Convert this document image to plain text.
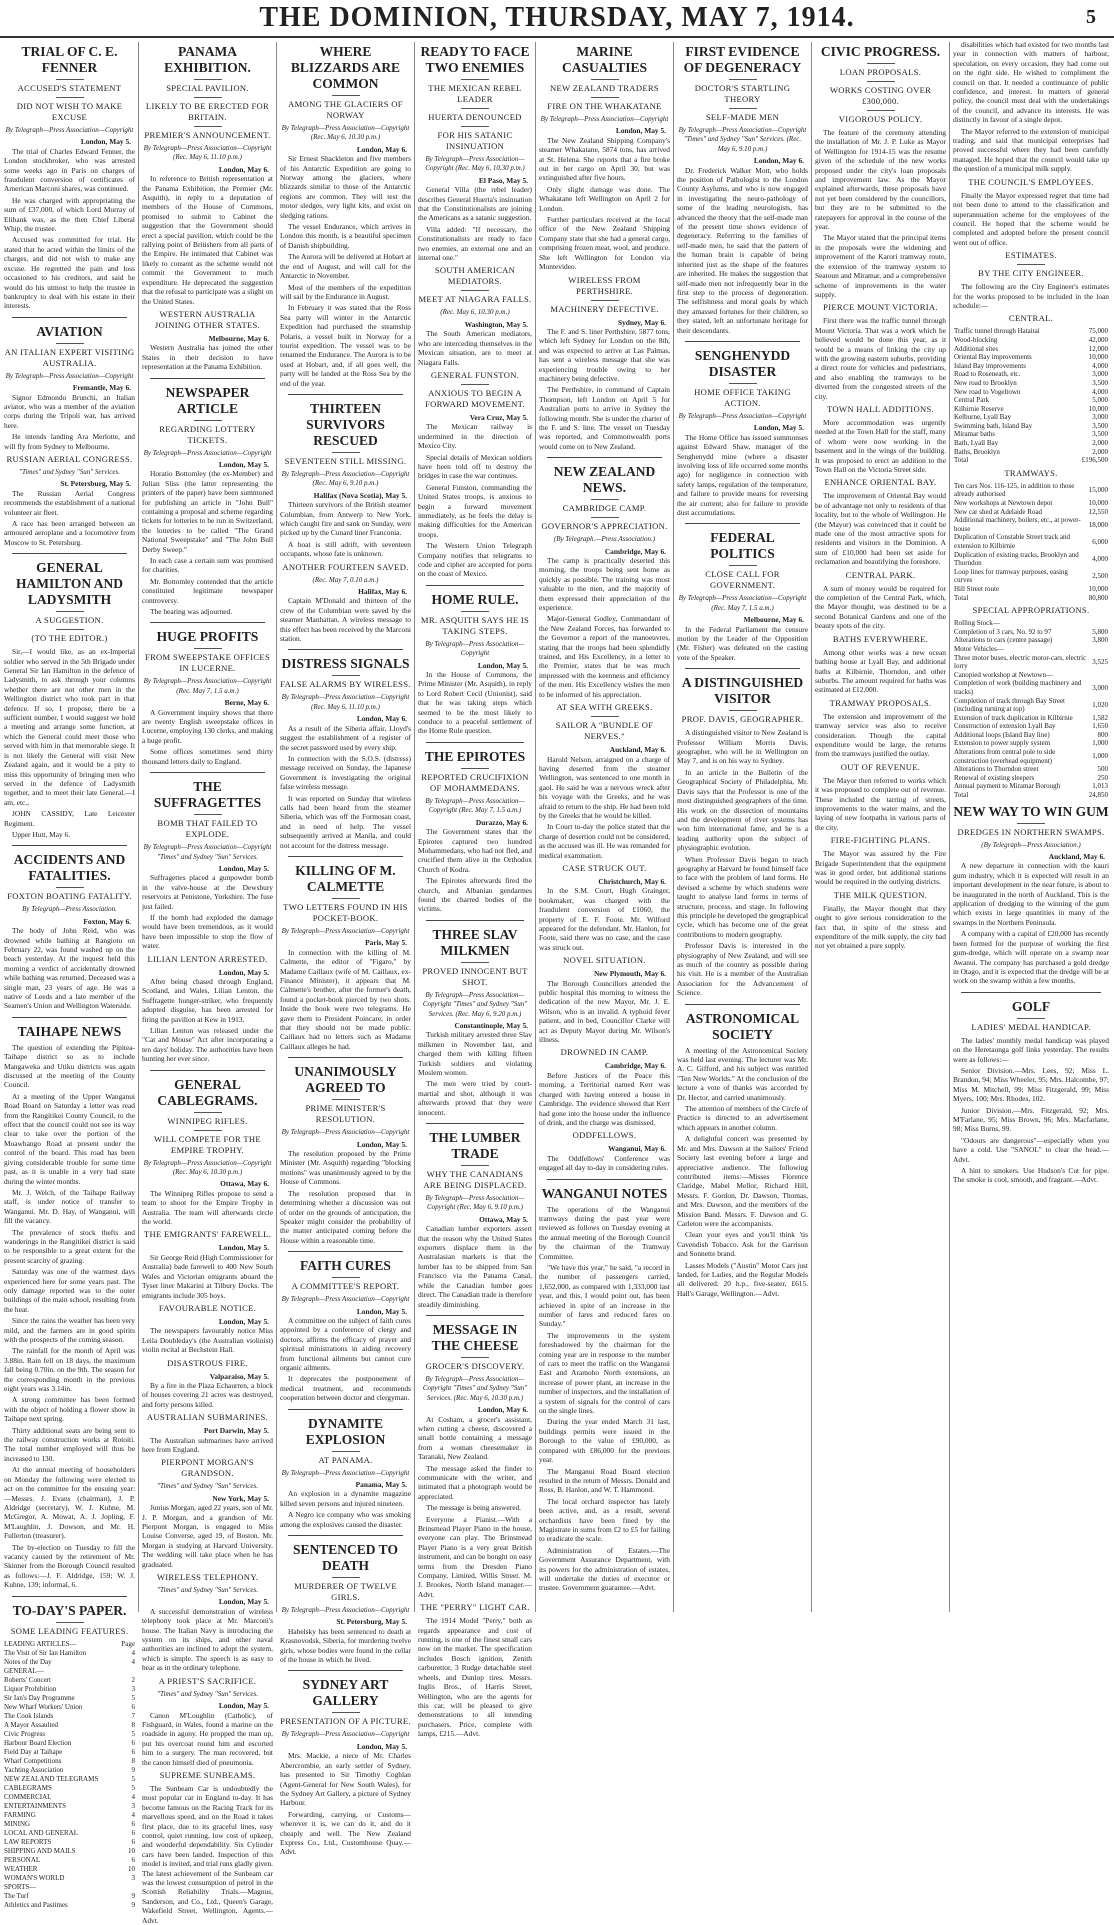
THE DOMINION, THURSDAY, MAY 7, 1914.	5
TRIAL OF C. E. FENNER
ACCUSED'S STATEMENT
DID NOT WISH TO MAKE EXCUSE
By Telegraph—Press Association—Copyright
London, May 5.

The trial of Charles Edward Fenner, the London stockbroker, who was arrested some weeks ago in Paris on charges of fraudulent conversion of certificates of American Marconi shares, was continued.

He was charged with appropriating the sum of £37,000, of which Lord Murray of Elibank was, as the then Chief Liberal Whip, the trustee.

Accused was committed for trial. He stated that he acted within the limits of the charges, and did not wish to make any excuse. He regretted the pain and loss occasioned to his creditors, and said he would do his utmost to help the trustee in bankruptcy to deal with his estate in their interests.

AVIATION
AN ITALIAN EXPERT VISITING AUSTRALIA.
By Telegraph—Press Association—Copyright
Fremantle, May 6.

Signor Edmondo Brunchi, an Italian aviator, who was a member of the aviation corps during the Tripoli war, has arrived here.

He intends landing Ara Merlotte, and will fly from Sydney to Melbourne.

RUSSIAN AERIAL CONGRESS.
"Times" and Sydney "Sun" Services.
St. Petersburg, May 5.

The Russian Aerial Congress recommends the establishment of a national volunteer air fleet.

A race has been arranged between an armoured aeroplane and a locomotive from Moscow to St. Petersburg.

GENERAL HAMILTON AND LADYSMITH
A SUGGESTION.
(TO THE EDITOR.)

Sir,—I would like, as an ex-Imperial soldier who served in the 5th Brigade under General Sir Ian Hamilton in the defence of Ladysmith, to ask through your columns whether there are not other men in the Wellington district who took part in that defence. If so, I propose, there be a sufficient number, I would suggest we hold a meeting and arrange some function, at which the General could meet those who served with him in that memorable siege. It is not likely the General will visit New Zealand again, and it would be a pity to miss this opportunity of bringing men who served in the defence of Ladysmith together, and to meet their late General.—I am, etc.,

JOHN CASSIDY, Late Leicester Regiment.

Upper Hutt, May 6.

ACCIDENTS AND FATALITIES.
FOXTON BOATING FATALITY.
By Telegraph—Press Association.
Foxton, May 6.

The body of John Reid, who was drowned while bathing at Rangiotu on February 22, was found washed up on the beach yesterday. At the inquest held this morning a verdict of accidentally drowned while bathing was returned. Deceased was a single man, 23 years of age. He was a native of Leeds and a late member of the Seamen's Union and Wellington Waterside.

TAIHAPE NEWS

The question of extending the Pipitea-Taihape district so as to include Mangaweka and Utiku districts was again discussed at the meeting of the County Council.

At a meeting of the Upper Wanganui Road Board on Saturday a letter was read from the Rangitikei County Council, to the effect that the council could not see its way clear to take over the portion of the Moawhango Road at present under the control of the board. This road has been giving considerable trouble for some time past, as it is unable in a very bad state during the winter months.

Mr. J. Welch, of the Taihape Railway staff, is under notice of transfer to Wanganui. Mr. D. Hay, of Wanganui, will fill the vacancy.

The prevalence of stock thefts and wanderings in the Rangitikei district is said to be responsible to a great extent for the present scarcity of grazing.

Saturday was one of the warmest days experienced here for some years past. The only damage reported was to the outer buildings of the main school, resulting from the heat.

Since the rains the weather has been very mild, and the farmers are in good spirits with the prospects of the coming season.

The rainfall for the month of April was 3.88in. Rain fell on 18 days, the maximum fall being 0.70in. on the 9th. The season for the corresponding month in the previous eight years was 3.14in.

A strong committee has been formed with the object of holding a flower show in Taihape next spring.

Thirty additional seats are being sent to the railway construction works at Rotoiti. The total number employed will thus be increased to 130.

At the annual meeting of householders on Monday the following were elected to act on the committee for the ensuing year:—Messrs. J. Evans (chairman), J. P. Aldridge (secretary), W. J. Kuhne, M. McGregor, A. Mowat, A. J. Jopling, F. M'Laughlin, J. Dowson, and Mr. H. Fullerton (treasurer).

The by-election on Tuesday to fill the vacancy caused by the retirement of Mr. Skinner from the Borough Council resulted as follows:—J. F. Aldridge, 159; W. J. Kuhne, 139; informal, 6.

TO-DAY'S PAPER.
SOME LEADING FEATURES.
LEADING ARTICLES—	Page
The Visit of Sir Ian Hamilton	4
Notes of the Day	4
GENERAL—
Roberts' Concert	2
Liquor Prohibition	3
Sir Ian's Day Programme	5
New Wharf Workers' Union	6
The Cook Islands	7
A Mayor Assaulted	8
Civic Progress	5
Harbour Board Election	6
Field Day at Taihape	6
Wharf Competitions	8
Yachting Association	9
NEW ZEALAND TELEGRAMS	5
CABLEGRAMS	5
COMMERCIAL	4
ENTERTAINMENTS	3
FARMING	4
MINING	6
LOCAL AND GENERAL	6
LAW REPORTS	6
SHIPPING AND MAILS	10
PERSONAL	6
WEATHER	10
WOMAN'S WORLD	3
SPORTS—
The Turf	9
Athletics and Pastimes	9
PANAMA EXHIBITION.
SPECIAL PAVILION.
LIKELY TO BE ERECTED FOR BRITAIN.
PREMIER'S ANNOUNCEMENT.
By Telegraph—Press Association—Copyright (Rec. May 6, 11.10 p.m.)
London, May 6.

In reference to British representation at the Panama Exhibition, the Premier (Mr. Asquith), in reply to a deputation of members of the House of Commons, promised to submit to Cabinet the suggestion that the Government should erect a special pavilion, which could be the rallying point of Britishers from all parts of the Empire. He intimated that Cabinet was likely to consent as the scheme would not commit the Government to much expenditure. He deprecated the suggestion that the refusal to participate was a slight on the United States.

WESTERN AUSTRALIA JOINING OTHER STATES.
Melbourne, May 6.

Western Australia has joined the other States in their decision to have representation at the Panama Exhibition.

NEWSPAPER ARTICLE
REGARDING LOTTERY TICKETS.
By Telegraph—Press Association—Copyright
London, May 5.

Horatio Bottomley (the ex-Member) and Julian Sliss (the latter representing the printers of the paper) have been summoned for publishing an article in "John Bull" containing a proposal and scheme regarding tickets for lotteries to be run in Switzerland, the lotteries to be called "The Grand National Sweepstake" and "The John Bull Derby Sweep."

In each case a certain sum was promised for charities.

Mr. Bottomley contended that the article constituted legitimate newspaper controversy.

The hearing was adjourned.

HUGE PROFITS
FROM SWEEPSTAKE OFFICES IN LUCERNE.
By Telegraph—Press Association—Copyright (Rec. May 7, 1.5 a.m.)
Berne, May 6.

A Government inquiry shows that there are twenty English sweepstake offices in Lucerne, employing 130 clerks, and making a huge profit.

Some offices sometimes send thirty thousand letters daily to England.

THE SUFFRAGETTES
BOMB THAT FAILED TO EXPLODE.
By Telegraph—Press Association—Copyright "Times" and Sydney "Sun" Services.
London, May 5.

Suffragettes placed a gunpowder bomb in the valve-house at the Dewsbury reservoirs at Penistone, Yorkshire. The fuse just failed.

If the bomb had exploded the damage would have been tremendous, as it would have been impossible to stop the flow of water.

LILIAN LENTON ARRESTED.
London, May 5.

After being chased through England, Scotland, and Wales, Lilian Lenton, the Suffragette hunger-striker, who frequently adopted disguise, has been arrested for firing the pavilion at Kew in 1913.

Lilian Lenton was released under the "Cat and Mouse" Act after incorporating a ten days' holiday. The authorities have been hunting her ever since.

GENERAL CABLEGRAMS.
WINNIPEG RIFLES.
WILL COMPETE FOR THE EMPIRE TROPHY.
By Telegraph—Press Association—Copyright (Rec. May 6, 10.30 p.m.)
Ottawa, May 6.

The Winnipeg Rifles propose to send a team to shoot for the Empire Trophy in Australia. The team will afterwards circle the world.

THE EMIGRANTS' FAREWELL.
London, May 5.

Sir George Reid (High Commissioner for Australia) bade farewell to 400 New South Wales and Victorian emigrants aboard the Tyser liner Makarini at Tilbury Docks. The emigrants include 305 boys.

FAVOURABLE NOTICE.
London, May 5.

The newspapers favourably notice Miss Leila Doubleday's (the Australian violinist) violin recital at Bechstein Hall.

DISASTROUS FIRE.
Valparaiso, May 5.

By a fire in the Plaza Echaurren, a block of houses covering 21 acres was destroyed, and forty persons killed.

AUSTRALIAN SUBMARINES.
Port Darwin, May 5.

The Australian submarines have arrived here from England.

PIERPONT MORGAN'S GRANDSON.
"Times" and Sydney "Sun" Services.
New York, May 5.

Junius Morgan, aged 22 years, son of Mr. J. P. Morgan, and a grandson of Mr. Pierpont Morgan, is engaged to Miss Louise Converse, aged 19, of Boston. Mr. Morgan is studying at Harvard University. The wedding will take place when he has graduated.

WIRELESS TELEPHONY.
"Times" and Sydney "Sun" Services.
London, May 5.

A successful demonstration of wireless telephony took place at Mr. Marconi's house. The Italian Navy is introducing the system on its ships, and other naval authorities are inclined to adopt the system, which is simple. The speech is as easy to hear as in the ordinary telephone.

A PRIEST'S SACRIFICE.
"Times" and Sydney "Sun" Services.
London, May 5.

Canon M'Loughlin (Catholic), of Fishguard, in Wales, found a marine on the roadside in agony. He propped the man up, put his overcoat round him and escorted him to a surgery. The man recovered, but the canon himself died of pneumonia.

SUPREME SUNBEAMS.

The Sunbeam Car is undoubtedly the most popular car in England to-day. It has become famous on the Racing Track for its marvellous speed, and on the Road it takes first place, due to its graceful lines, easy control, quiet running, low cost of upkeep, and wonderful dependability. Six Cylinder cars have been landed. Inspection of this model is invited, and trial runs gladly given. The latest achievement of the Sunbeam car was the lowest consumption of petrol in the Scottish Reliability Trials.—Magnus, Sanderson, and Co., Ltd., Queen's Garage, Wakefield Street, Wellington, Agents.—Advt.

WHERE BLIZZARDS ARE COMMON
AMONG THE GLACIERS OF NORWAY
By Telegraph—Press Association—Copyright (Rec. May 6, 10.30 p.m.)
London, May 6.

Sir Ernest Shackleton and five members of his Antarctic Expedition are going to Norway among the glaciers, where blizzards similar to those of the Antarctic regions are common. They will test the motor sledges, very light kits, and exist on sledging rations.

The vessel Endurance, which arrives in London this month, is a beautiful specimen of Danish shipbuilding.

The Aurora will be delivered at Hobart at the end of August, and will call for the Antarctic in November.

Most of the members of the expedition will sail by the Endurance in August.

In February it was stated that the Ross Sea party will winter in the Antarctic Expedition had purchased the steamship Polaris, a vessel built in Norway for a tourist expedition. The vessel was to be renamed the Endurance. The Aurora is to be used at Hobart, and, if all goes well, the party will be landed at the Ross Sea by the end of the year.

THIRTEEN SURVIVORS RESCUED
SEVENTEEN STILL MISSING.
By Telegraph—Press Association—Copyright (Rec. May 6, 9.10 p.m.)
Halifax (Nova Scotia), May 5.

Thirteen survivors of the British steamer Columbian, from Antwerp to New York, which caught fire and sank on Sunday, were picked up by the Cunard liner Franconia.

A boat is still adrift, with seventeen occupants, whose fate is unknown.

ANOTHER FOURTEEN SAVED.
(Rec. May 7, 0.10 a.m.)
Halifax, May 6.

Captain M'Donald and thirteen of the crew of the Columbian were saved by the steamer Manhattan. A wireless message to this effect has been received by the Marconi station.

DISTRESS SIGNALS
FALSE ALARMS BY WIRELESS.
By Telegraph—Press Association—Copyright (Rec. May 6, 11.10 p.m.)
London, May 6.

As a result of the Siberia affair, Lloyd's suggest the establishment of a register of the secret password used by every ship.

In connection with the S.O.S. (distress) message received on Sunday, the Japanese Government is investigating the original false wireless message.

It was reported on Sunday that wireless calls had been heard from the steamer Siberia, which was off the Formosan coast, and in need of help. The vessel subsequently arrived at Manila, and could not account for the distress message.

KILLING OF M. CALMETTE
TWO LETTERS FOUND IN HIS POCKET-BOOK.
By Telegraph—Press Association—Copyright
Paris, May 5.

In connection with the killing of M. Calmette, the editor of "Figaro," by Madame Caillaux (wife of M. Caillaux, ex-Finance Minister), it appears that M. Calmette's brother, after the former's death, found a pocket-book pierced by two shots. Inside the book were two telegrams. He gave them to President Poincare, in order that they should not be made public. Caillaux had no letters such as Madame Caillaux alleges he had.

UNANIMOUSLY AGREED TO
PRIME MINISTER'S RESOLUTION.
By Telegraph—Press Association—Copyright
London, May 5.

The resolution proposed by the Prime Minister (Mr. Asquith) regarding "blocking motions" was unanimously agreed to by the House of Commons.

The resolution proposed that in determining whether a discussion was out of order on the grounds of anticipation, the Speaker might consider the probability of the matter anticipated coming before the House within a reasonable time.

FAITH CURES
A COMMITTEE'S REPORT.
By Telegraph—Press Association—Copyright
London, May 5.

A committee on the subject of faith cures appointed by a conference of clergy and doctors, affirms the efficacy of prayer and spiritual ministrations in aiding recovery from functional ailments but cannot cure organic ailments.

It deprecates the postponement of medical treatment, and recommends cooperation between doctor and clergyman.

DYNAMITE EXPLOSION
AT PANAMA.
By Telegraph—Press Association—Copyright
Panama, May 5.

An explosion in a dynamite magazine killed seven persons and injured nineteen.

A Negro ice company who was smoking among the explosives caused the disaster.

SENTENCED TO DEATH
MURDERER OF TWELVE GIRLS.
By Telegraph—Press Association—Copyright
St. Petersburg, May 5.

Habelsky has been sentenced to death at Krasnovodsk, Siberia, for murdering twelve girls, whose bodies were found in the cellar of the house in which he lived.

SYDNEY ART GALLERY
PRESENTATION OF A PICTURE.
By Telegraph—Press Association—Copyright
London, May 5.

Mrs. Mackie, a niece of Mr. Charles Abercrombie, an early settler of Sydney, has presented to Sir Timothy Coghlan (Agent-General for New South Wales), for the Sydney Art Gallery, a picture of Sydney Harbour.

Forwarding, carrying, or Customs—wherever it is, we can do it, and do it cheaply and well. The New Zealand Express Co., Ltd., Customhouse Quay.—Advt.

READY TO FACE TWO ENEMIES
THE MEXICAN REBEL LEADER
HUERTA DENOUNCED
FOR HIS SATANIC INSINUATION
By Telegraph—Press Association—Copyright (Rec. May 6, 10.30 p.m.)
El Paso, May 5.

General Villa (the rebel leader) describes General Huerta's insinuation that the Constitutionalists are joining the Americans as a satanic suggestion.

Villa added: "If necessary, the Constitutionalists are ready to face two enemies, an external one and an internal one."

SOUTH AMERICAN MEDIATORS.
MEET AT NIAGARA FALLS.
(Rec. May 6, 10.30 p.m.)
Washington, May 5.

The South American mediators, who are interceding themselves in the Mexican situation, are to meet at Niagara Falls.

GENERAL FUNSTON.
ANXIOUS TO BEGIN A FORWARD MOVEMENT.
Vera Cruz, May 5.

The Mexican railway is undermined in the direction of Mexico City.

Special details of Mexican soldiers have been told off to destroy the bridges in case the war continues.

General Funston, commanding the United States troops, is anxious to begin a forward movement immediately, as he feels the delay is making difficulties for the American troops.

The Western Union Telegraph Company notifies that telegrams to code and cipher are accepted for ports on the coast of Mexico.

HOME RULE.
MR. ASQUITH SAYS HE IS TAKING STEPS.
By Telegraph—Press Association—Copyright
London, May 5.

In the House of Commons, the Prime Minister (Mr. Asquith), in reply to Lord Robert Cecil (Unionist), said that he was taking steps which seemed to be the most likely to conduce to a peaceful settlement of the Home Rule question.

THE EPIROTES
REPORTED CRUCIFIXION OF MOHAMMEDANS.
By Telegraph—Press Association—Copyright (Rec. May 7, 1.5 a.m.)
Durazzo, May 6.

The Government states that the Epirotes captured two hundred Mohammedans, who had not fled, and crucified them alive in the Orthodox Church of Kodra.

The Epirotes afterwards fired the church, and Albanian gendarmes found the charred bodies of the victims.

THREE SLAV MILKMEN
PROVED INNOCENT BUT SHOT.
By Telegraph—Press Association—Copyright "Times" and Sydney "Sun" Services. (Rec. May 6, 9.20 p.m.)
Constantinople, May 5.

Turkish military arrested three Slav milkmen in November last, and charged them with killing fifteen Turkish soldiers and violating Moslem women.

The men were tried by court-martial and shot, although it was afterwards proved that they were innocent.

THE LUMBER TRADE
WHY THE CANADIANS ARE BEING DISPLACED.
By Telegraph—Press Association—Copyright (Rec. May 6, 9.10 p.m.)
Ottawa, May 5.

Canadian lumber exporters assert that the reason why the United States exporters displace them in the Australasian markets is that the lumber has to be shipped from San Francisco via the Panama Canal, while the Canadian lumber goes direct. The Canadian trade is therefore steadily diminishing.

MESSAGE IN THE CHEESE
GROCER'S DISCOVERY.
By Telegraph—Press Association—Copyright "Times" and Sydney "Sun" Services. (Rec. May 6, 10.30 p.m.)
London, May 6.

At Cosham, a grocer's assistant, when cutting a cheese, discovered a small bottle containing a message from a woman cheesemaker in Taranaki, New Zealand.

The message asked the finder to communicate with the writer, and intimated that a photograph would be appreciated.

The message is being answered.

Everyone a Pianist.—With a Brinsmead Player Piano in the house, everyone can play. The Brinsmead Player Piano is a very great British instrument, and can be bought on easy terms from the Dresden Piano Company, Limited, Willis Street. M. J. Brookes, North Island manager.—Advt.

THE "PERRY" LIGHT CAR.

The 1914 Model "Perry," both as regards appearance and cost of running, is one of the finest small cars now on the market. The specification includes Bosch ignition, Zenith carburettor, 3 Rudge detachable steel wheels, and Dunlop tires. Messrs. Inglis Bros., of Harris Street, Wellington, who are the agents for this car, will be pleased to give demonstrations to all intending purchasers. Price, complete with lamps, £215.—Advt.

MARINE CASUALTIES
NEW ZEALAND TRADERS
FIRE ON THE WHAKATANE
By Telegraph—Press Association—Copyright
London, May 5.

The New Zealand Shipping Company's steamer Whakatane, 5874 tons, has arrived at St. Helena. She reports that a fire broke out in her cargo on April 30, but was extinguished after five hours.

Only slight damage was done. The Whakatane left Wellington on April 2 for London.

Further particulars received at the local office of the New Zealand Shipping Company state that she had a general cargo, comprising frozen meat, wool, and produce. She left Wellington for London via Montevideo.

WIRELESS FROM PERTHSHIRE.
MACHINERY DEFECTIVE.
Sydney, May 6.

The F. and S. liner Perthshire, 5877 tons, which left Sydney for London on the 8th, and was expected to arrive at Las Palmas, has sent a wireless message that she was experiencing trouble owing to her machinery being defective.

The Perthshire, in command of Captain Thompson, left London on April 5 for Australian ports to arrive in Sydney the following month. She is under the charter of the F. and S. line. The vessel on Tuesday was reported, and Commonwealth ports would come on to New Zealand.

NEW ZEALAND NEWS.
CAMBRIDGE CAMP.
GOVERNOR'S APPRECIATION.
(By Telegraph.—Press Association.)
Cambridge, May 6.

The camp is practically deserted this morning, the troops being sent home as quickly as possible. The training was most valuable to the men, and the majority of them expressed their appreciation of the experience.

Major-General Godley, Commandant of the New Zealand Forces, has forwarded to the Governor a report of the manoeuvres, stating that the troops had been splendidly trained, and His Excellency, in a letter to the Premier, states that he was much impressed with the keenness and efficiency of the men. His Excellency wishes the men to be informed of his appreciation.

AT SEA WITH GREEKS.
SAILOR A "BUNDLE OF NERVES."
Auckland, May 6.

Harold Nelson, arraigned on a charge of having deserted from the steamer Wellington, was sentenced to one month in gaol. He said he was a nervous wreck after his voyage with the Greeks, and he was afraid to return to the ship. He had been told by the Greeks that he would be killed.

In Court to-day the police stated that the charge of desertion could not be considered, as the accused was ill. He was remanded for medical examination.

CASE STRUCK OUT.
Christchurch, May 6.

In the S.M. Court, Hugh Grainger, bookmaker, was charged with the fraudulent conversion of £1060, the property of E. F. Foote. Mr. Wilford appeared for the defendant. Mr. Hanlon, for Foote, said there was no case, and the case was struck out.

NOVEL SITUATION.
New Plymouth, May 6.

The Borough Councillors attended the public hospital this morning to witness the dedication of the new Mayor, Mr. J. E. Wilson, who is an invalid. A typhoid fever patient, and in bed, Councillor Clarke will act as Deputy Mayor during Mr. Wilson's illness.

DROWNED IN CAMP.
Cambridge, May 6.

Before Justices of the Peace this morning, a Territorial named Kerr was charged with having entered a house in Cambridge. The evidence showed that Kerr had gone into the house under the influence of drink, and the charge was dismissed.

ODDFELLOWS.
Wanganui, May 6.

The Oddfellows' Conference was engaged all day to-day in considering rules.

WANGANUI NOTES

The operations of the Wanganui tramways during the past year were reviewed as follows on Tuesday evening at the annual meeting of the Borough Council by the chairman of the Tramway Committee.

"We have this year," he said, "a record in the number of passengers carried, 1,652,000, as compared with 1,333,000 last year, and this, I would point out, has been achieved in spite of an increase in the number of fares and reduced fares on Sunday."

The improvements in the system foreshadowed by the chairman for the coming year are in response to the number of cars to meet the traffic on the Wanganui East and Aramoho North extensions, an increase of power plant, an increase in the number of inspectors, and the installation of a system of signals for the control of cars on the single lines.

During the year ended March 31 last, buildings permits were issued in the Borough to the value of £90,000, as compared with £86,000 for the previous year.

The Manganui Road Board election resulted in the return of Messrs. Donald and Ross, B. Hanlon, and W. T. Hammond.

The local orchard inspector has lately been active, and, as a result, several orchardists have been fined by the Magistrate in sums from £2 to £5 for failing to eradicate the scale.

Administration of Estates.—The Government Assurance Department, with its powers for the administration of estates, will undertake the duties of executor or trustee. Government guarantee.—Advt.

FIRST EVIDENCE OF DEGENERACY
DOCTOR'S STARTLING THEORY
SELF-MADE MEN
By Telegraph—Press Association—Copyright "Times" and Sydney "Sun" Services. (Rec. May 6, 9.10 p.m.)
London, May 6.

Dr. Frederick Walker Mott, who holds the position of Pathologist to the London County Asylums, and who is now engaged in investigating the neuro-pathology of some of the leading neurologists, has advanced the theory that the self-made man of the present time shows evidence of degeneracy. Referring to the families of self-made men, he said that the pattern of the human brain is capable of being inherited just as the shape of the features are inherited. He makes the suggestion that self-made men not infrequently bear in the first step to the process of degeneration. The selfishness and moral goals by which they amassed fortunes for their children, so they stated, left an unfortunate heritage for their descendants.

SENGHENYDD DISASTER
HOME OFFICE TAKING ACTION.
By Telegraph—Press Association—Copyright
London, May 5.

The Home Office has issued summonses against Edward Shaw, manager of the Senghenydd mine (where a disaster involving loss of life occurred some months ago) for negligence in connection with safety lamps, regulation of the temperature, and failure to provide means for reversing the air current; also for failure to provide dust accumulations.

FEDERAL POLITICS
CLOSE CALL FOR GOVERNMENT.
By Telegraph—Press Association—Copyright (Rec. May 7, 1.5 a.m.)
Melbourne, May 6.

In the Federal Parliament the censure motion by the Leader of the Opposition (Mr. Fisher) was defeated on the casting vote of the Speaker.

A DISTINGUISHED VISITOR
PROF. DAVIS, GEOGRAPHER.

A distinguished visitor to New Zealand is Professor William Morris Davis, geographer, who will be in Wellington on May 7, and is on his way to Sydney.

In an article in the Bulletin of the Geographical Society of Philadelphia, Mr. Davis says that the Professor is one of the most distinguished geographers of the time. His work on the dissection of mountains and the development of river systems has won him international fame, and he is a leading authority upon the subject of physiographic evolution.

When Professor Davis began to teach geography at Harvard he found himself face to face with the problem of land forms. He devised a scheme by which students were taught to analyse land forms in terms of structure, process, and stage. In following this principle he developed the geographical cycle, which has become one of the great contributions to modern geography.

Professor Davis is interested in the physiography of New Zealand, and will see as much of the country as possible during his visit. He is a member of the Australian Association for the Advancement of Science.

ASTRONOMICAL SOCIETY

A meeting of the Astronomical Society was held last evening. The lecturer was Mr. A. C. Gifford, and his subject was entitled "Ten New Worlds." At the conclusion of the lecture a vote of thanks was accorded by Dr. Hector, and carried unanimously.

The attention of members of the Circle of Practice is directed to an advertisement which appears in another column.

A delightful concert was presented by Mr. and Mrs. Dawson at the Sailors' Friend Society last evening before a large and appreciative audience. The following contributed items:—Misses Florence Claridge, Mabel Mellor, Richard Hill, Messrs. F. Gordon, Dr. Dawson, Thomas, and Mrs. Dawson, and the members of the Mission Band. Messrs. F. Dawson and G. Carleton were the accompanists.

Clean your eyes and you'll think 'tis Cavendish Tobacco. Ask for the Garrison and Sonnette brand.

Lasses Models ("Austin" Motor Cars just landed, for Ladies, and the Regular Models all delivered. 20 h.p., five-seater, £615. Hall's Garage, Wellington.—Advt.

CIVIC PROGRESS.
LOAN PROPOSALS.
WORKS COSTING OVER £300,000.
VIGOROUS POLICY.

The feature of the ceremony attending the installation of Mr. J. P. Luke as Mayor of Wellington for 1914-15 was the resume given of the schedule of the new works proposed under the city's loan proposals and improvement law. As the Mayor explained afterwards, these proposals have not yet been considered by the councillors, but they are to be submitted to the ratepayers for approval in the course of the year.

The Mayor stated that the principal items in the proposals were the widening and improvement of the Karori tramway route, the extension of the tramway system to Seatoun and Miramar, and a comprehensive scheme of improvements in the water supply.

PIERCE MOUNT VICTORIA.

First there was the traffic tunnel through Mount Victoria. That was a work which he believed would be done this year, as it would be a means of linking the city up with the growing eastern suburbs, providing a direct route for vehicles and pedestrians, and also enabling the tramways to be diverted from the congested streets of the city.

TOWN HALL ADDITIONS.

More accommodation was urgently needed at the Town Hall for the staff, many of whom were now working in the basement and in the wings of the building. It was proposed to erect an addition to the Town Hall on the Victoria Street side.

ENHANCE ORIENTAL BAY.

The improvement of Oriental Bay would be of advantage not only to residents of that locality, but to the whole of Wellington. He (the Mayor) was convinced that it could be made one of the most attractive spots for residents and visitors in the Dominion. A sum of £10,000 had been set aside for reclamation and beautifying the foreshore.

CENTRAL PARK.

A sum of money would be required for the completion of the Central Park, which, the Mayor thought, was destined to be a second Botanical Gardens and one of the beauty spots of the city.

BATHS EVERYWHERE.

Among other works was a new ocean bathing house at Lyall Bay, and additional baths at Kilbirnie, Thorndon, and other suburbs. The amount required for baths was estimated at £12,000.

TRAMWAY PROPOSALS.

The extension and improvement of the tramway service was also to receive consideration. Though the capital expenditure would be large, the returns from the tramways justified the outlay.

OUT OF REVENUE.

The Mayor then referred to works which it was proposed to complete out of revenue. These included the tarring of streets, improvements to the water mains, and the laying of new footpaths in various parts of the city.

FIRE-FIGHTING PLANS.

The Mayor was assured by the Fire Brigade Superintendent that the equipment was in good order, but additional stations would be required in the outlying districts.

THE MILK QUESTION.

Finally, the Mayor thought that they ought to give serious consideration to the fact that, in spite of the stress and expenditure of the milk supply, the city had not yet obtained a pure supply.

disabilities which had existed for two months last year in connection with matters of harbour, speculation, on every occasion, they had come out on the right side. He wished to compliment the council on that. It needed a continuance of public confidence, and interest. In matters of general policy, the council must deal with the undertakings of the council, and advance its interests. He was distinctly in favour of a single depot.

The Mayor referred to the extension of municipal trading, and said that municipal enterprises had proved successful where they had been carefully managed. He hoped that the council would take up the question of a municipal milk supply.

THE COUNCIL'S EMPLOYEES.

Finally the Mayor expressed regret that time had not been done to attend to the classification and superannuation scheme for the employees of the council. He hoped that the scheme would be completed and adopted before the present council went out of office.

ESTIMATES.
BY THE CITY ENGINEER.

The following are the City Engineer's estimates for the works proposed to be included in the loan schedule:—

CENTRAL.
Traffic tunnel through Hataitai	75,000
Wood-blocking	42,000
Additional sites	12,000
Oriental Bay improvements	10,000
Island Bay improvements	4,000
Road to Roseneath, etc.	3,000
New road to Brooklyn	3,500
New road to Vogeltown	4,000
Central Park	5,000
Kilbirnie Reserve	10,000
Kelburne, Lyall Bay	3,000
Swimming bath, Island Bay	3,500
Miramar baths	3,500
Bath, Lyall Bay	2,000
Baths, Brooklyn	2,000
Total	£196,500
TRAMWAYS.
Ten cars Nos. 116-125, in addition to those already authorised	15,000
New workshops at Newtown depot	10,000
New car shed at Adelaide Road	12,550
Additional machinery, boilers, etc., at power-house	18,000
Duplication of Constable Street track and extension to Kilbirnie	6,000
Duplication of existing tracks, Brooklyn and Thorndon	4,000
Loop lines for tramway purposes, easing curves	2,500
Hill Street route	10,000
Total	80,800
SPECIAL APPROPRIATIONS.
Rolling Stock—	
Completion of 3 cars, No. 92 to 97	5,800
Alterations to cars (centre passage)	3,800
Motor Vehicles—	
Three motor buses, electric motor-cars, electric lorry	3,525
Canopied workshop at Newtown—	
Completion of work (building machinery and tracks)	3,000
Completion of track through Bay Street (including turning at top)	1,020
Extension of track duplication in Kilbirnie	1,582
Construction of extension Lyall Bay	1,650
Additional loops (Island Bay line)	800
Extension to power supply system	1,000
Alterations from central pole to side construction (overhead equipment)	1,000
Alterations to Thorndon street	500
Renewal of existing sleepers	250
Annual payment to Miramar Borough	1,013
Total	24,850
NEW WAY TO WIN GUM
DREDGES IN NORTHERN SWAMPS.
(By Telegraph—Press Association.)
Auckland, May 6.

A new departure in connection with the kauri gum industry, which it is expected will result in an important development in the near future, is about to be inaugurated in the north of Auckland. This is the application of dredging to the winning of the gum which exists in large quantities in many of the swamps in the Northern Peninsula.

A company with a capital of £20,000 has recently been formed for the purpose of working the first gum-dredge, which will operate on a swamp near Awanui. The company has purchased a gold dredge in Otago, and it is expected that the dredge will be at work on the swamp within a few months.

GOLF
LADIES' MEDAL HANDICAP.

The ladies' monthly medal handicap was played on the Heretaunga golf links yesterday. The results were as follows:—

Senior Division.—Mrs. Lees, 92; Miss L. Brandon, 94; Miss Wheeler, 95; Mrs. Halcombe, 97; Miss M. Mitchell, 99; Miss Fitzgerald, 99; Miss Myers, 100; Mrs. Rhodes, 102.

Junior Division.—Mrs. Fitzgerald, 92; Mrs. M'Farlane, 95; Miss Brown, 96; Mrs. Macfarlane, 98; Miss Burns, 99.

"Odours are dangerous"—especially when you have a cold. Use "SANOL" to clear the head.—Advt.

A hint to smokers. Use Hudson's Cut for pipe. The smoke is cool, smooth, and fragrant.—Advt.
